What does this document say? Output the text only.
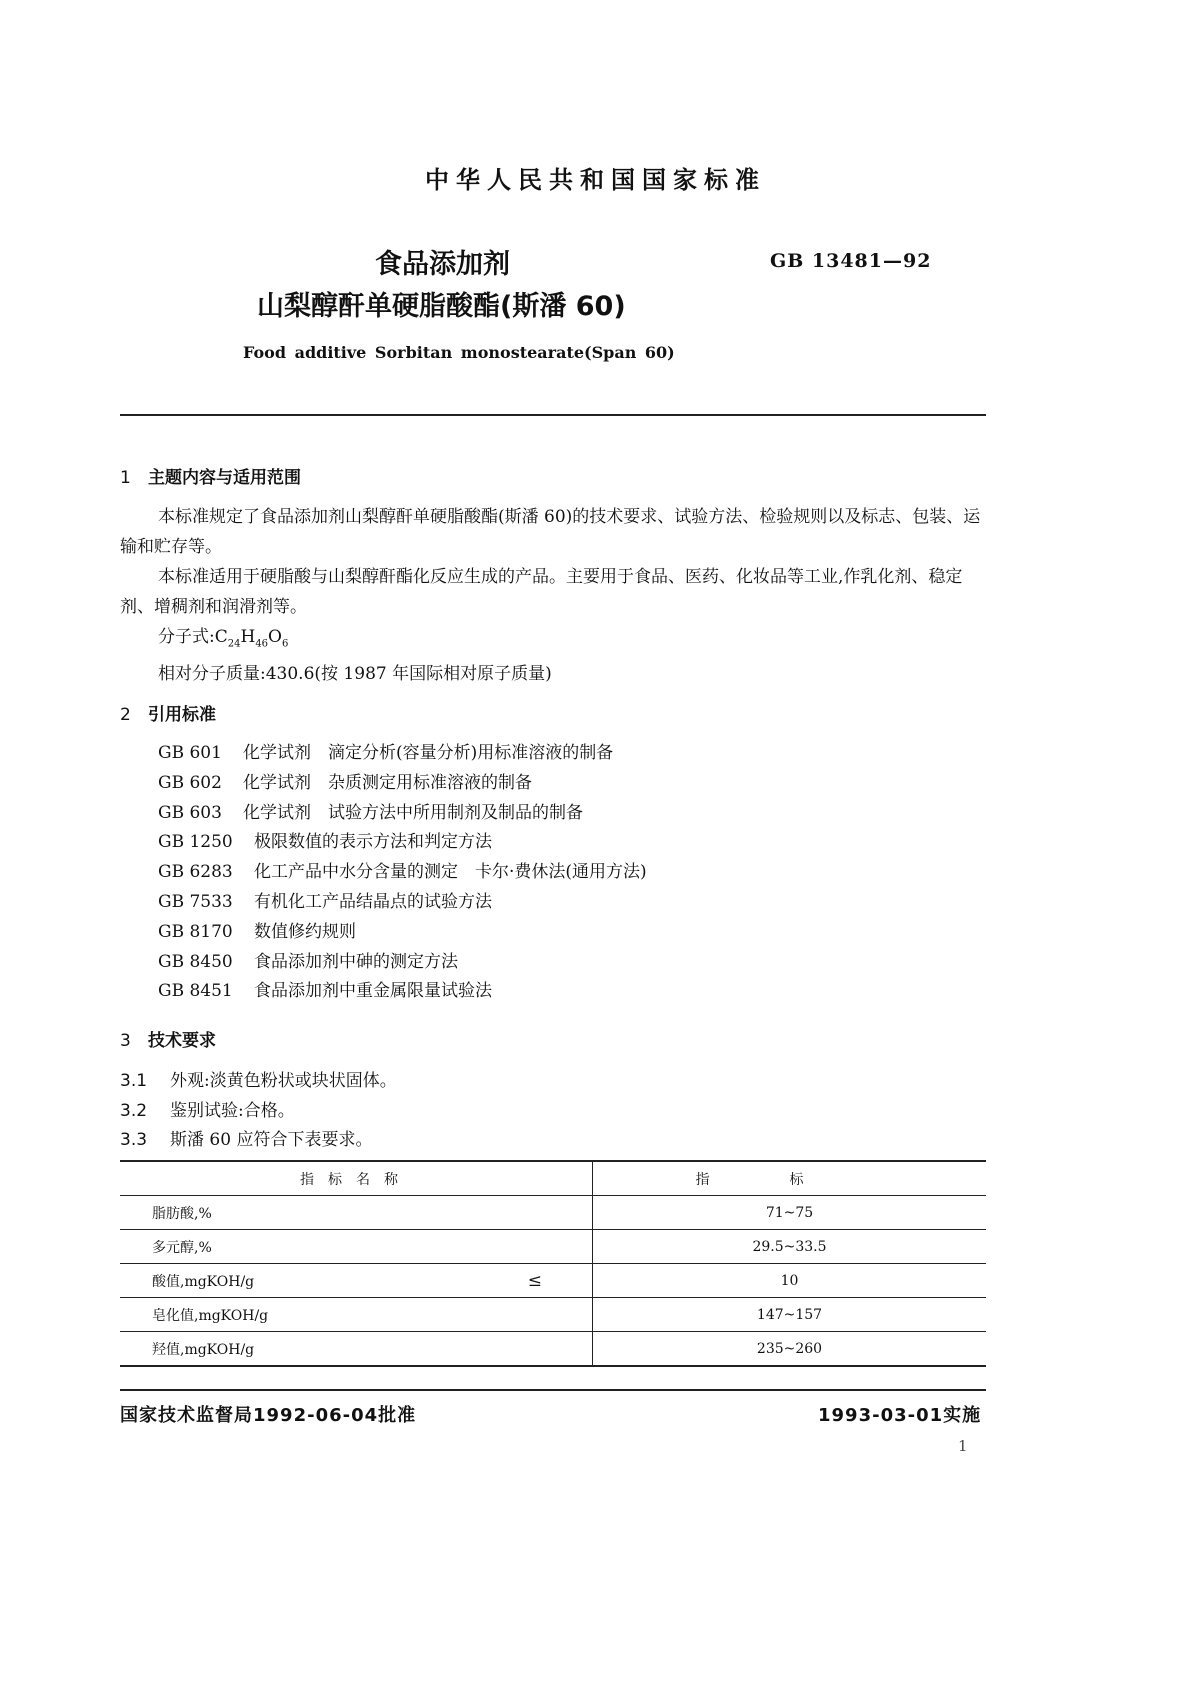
中华人民共和国国家标准
食品添加剂
山梨醇酐单硬脂酸酯(斯潘 60)
GB 13481—92
Food additive Sorbitan monostearate(Span 60)
1 主题内容与适用范围

本标准规定了食品添加剂山梨醇酐单硬脂酸酯(斯潘 60)的技术要求、试验方法、检验规则以及标志、包装、运输和贮存等。

本标准适用于硬脂酸与山梨醇酐酯化反应生成的产品。主要用于食品、医药、化妆品等工业,作乳化剂、稳定剂、增稠剂和润滑剂等。

分子式$:C_{24}H_{46}O_6$

相对分子质量:430.6(按 1987 年国际相对原子质量)

2 引用标准
GB 601 化学试剂　滴定分析(容量分析)用标准溶液的制备
GB 602 化学试剂　杂质测定用标准溶液的制备
GB 603 化学试剂　试验方法中所用制剂及制品的制备
GB 1250 极限数值的表示方法和判定方法
GB 6283 化工产品中水分含量的测定　卡尔·费休法(通用方法)
GB 7533 有机化工产品结晶点的试验方法
GB 8170 数值修约规则
GB 8450 食品添加剂中砷的测定方法
GB 8451 食品添加剂中重金属限量试验法
3 技术要求
3.1 外观:淡黄色粉状或块状固体。
3.2 鉴别试验:合格。
3.3 斯潘 60 应符合下表要求。
指标名称	指标
脂肪酸,%	71~75
多元醇,%	29.5~33.5
酸值,mgKOH/g ≤	10
皂化值,mgKOH/g	147~157
羟值,mgKOH/g	235~260
国家技术监督局1992-06-04批准	1993-03-01实施
1
